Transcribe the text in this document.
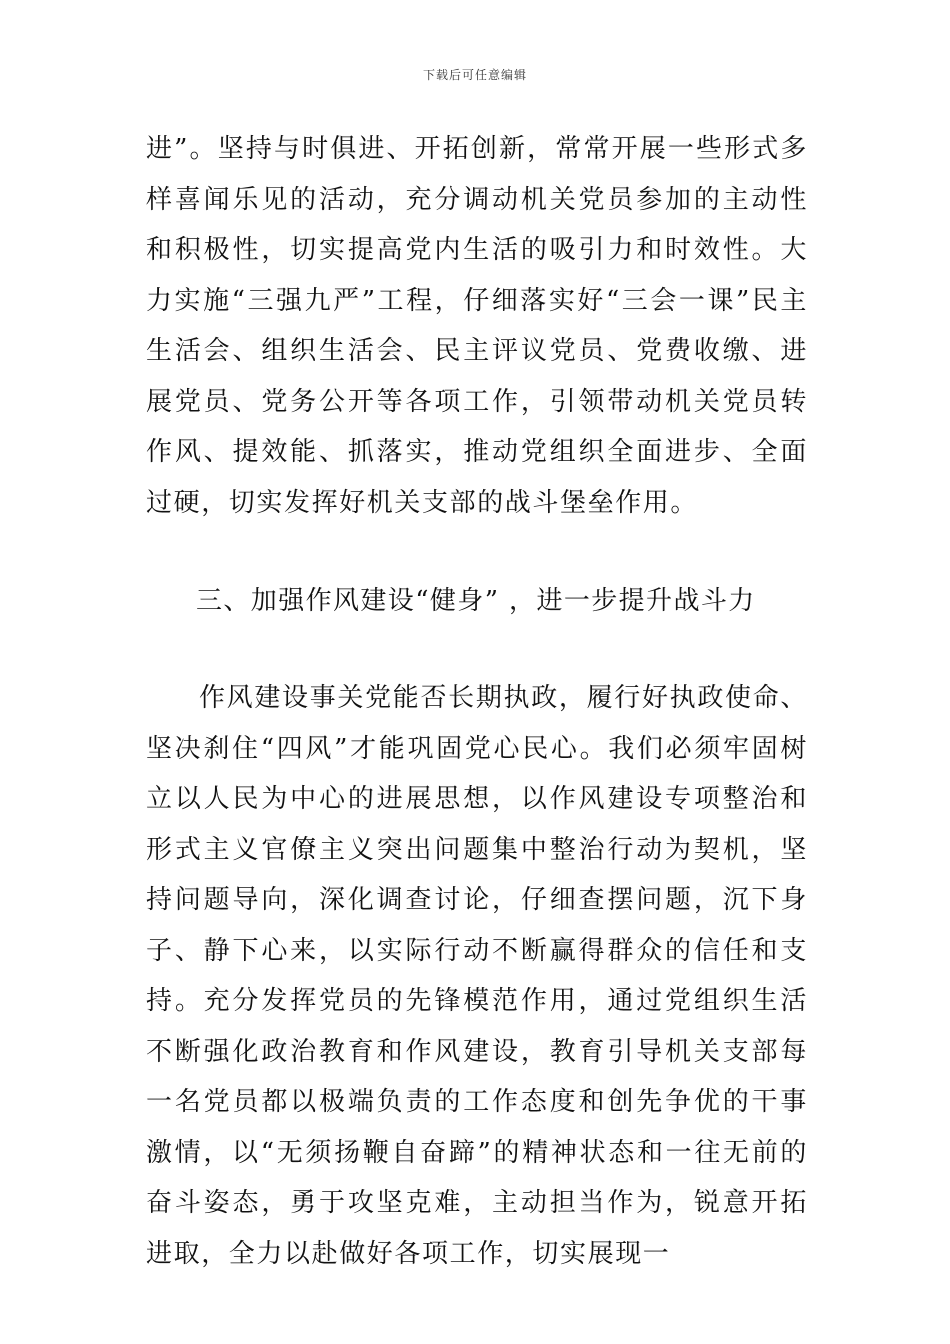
下载后可任意编辑

进”。坚持与时俱进、开拓创新，常常开展一些形式多样喜闻乐见的活动，充分调动机关党员参加的主动性和积极性，切实提高党内生活的吸引力和时效性。大力实施“三强九严”工程，仔细落实好“三会一课”民主生活会、组织生活会、民主评议党员、党费收缴、进展党员、党务公开等各项工作，引领带动机关党员转作风、提效能、抓落实，推动党组织全面进步、全面过硬，切实发挥好机关支部的战斗堡垒作用。

三、加强作风建设“健身” ，进一步提升战斗力

作风建设事关党能否长期执政，履行好执政使命、坚决刹住“四风”才能巩固党心民心。我们必须牢固树立以人民为中心的进展思想，以作风建设专项整治和形式主义官僚主义突出问题集中整治行动为契机，坚持问题导向，深化调查讨论，仔细查摆问题，沉下身子、静下心来，以实际行动不断赢得群众的信任和支持。充分发挥党员的先锋模范作用，通过党组织生活不断强化政治教育和作风建设，教育引导机关支部每一名党员都以极端负责的工作态度和创先争优的干事激情，以“无须扬鞭自奋蹄”的精神状态和一往无前的奋斗姿态，勇于攻坚克难，主动担当作为，锐意开拓进取，全力以赴做好各项工作，切实展现一
